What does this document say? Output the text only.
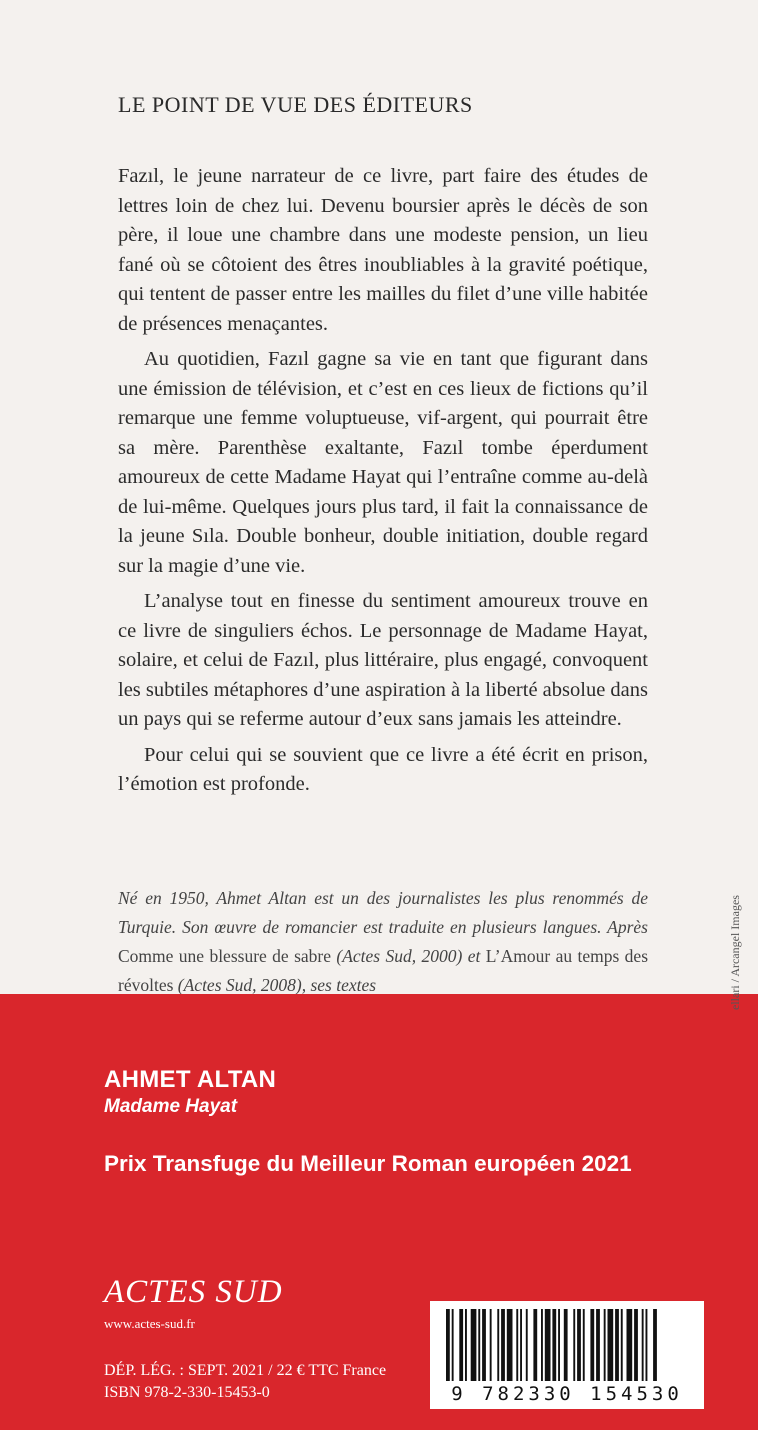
LE POINT DE VUE DES ÉDITEURS

Fazıl, le jeune narrateur de ce livre, part faire des études de lettres loin de chez lui. Devenu boursier après le décès de son père, il loue une chambre dans une modeste pension, un lieu fané où se côtoient des êtres inoubliables à la gravité poétique, qui tentent de passer entre les mailles du filet d’une ville habitée de présences menaçantes.

Au quotidien, Fazıl gagne sa vie en tant que figurant dans une émission de télévision, et c’est en ces lieux de fictions qu’il remarque une femme voluptueuse, vif-argent, qui pourrait être sa mère. Parenthèse exaltante, Fazıl tombe éperdument amoureux de cette Madame Hayat qui l’entraîne comme au-delà de lui-même. Quelques jours plus tard, il fait la connaissance de la jeune Sıla. Double bonheur, double initiation, double regard sur la magie d’une vie.

L’analyse tout en finesse du sentiment amoureux trouve en ce livre de singuliers échos. Le personnage de Madame Hayat, solaire, et celui de Fazıl, plus littéraire, plus engagé, convoquent les subtiles métaphores d’une aspiration à la liberté absolue dans un pays qui se referme autour d’eux sans jamais les atteindre.

Pour celui qui se souvient que ce livre a été écrit en prison, l’émotion est profonde.

Né en 1950, Ahmet Altan est un des journalistes les plus renommés de Turquie. Son œuvre de romancier est traduite en plusieurs langues. Après Comme une blessure de sabre (Actes Sud, 2000) et L’Amour au temps des révoltes (Actes Sud, 2008), ses textes	ellari / Arcangel Images
AHMET ALTAN
Madame Hayat
Prix Transfuge du Meilleur Roman européen 2021
ACTES SUD
www.actes-sud.fr
DÉP. LÉG. : SEPT. 2021 / 22 € TTC France
ISBN 978-2-330-15453-0	9 782330 154530
